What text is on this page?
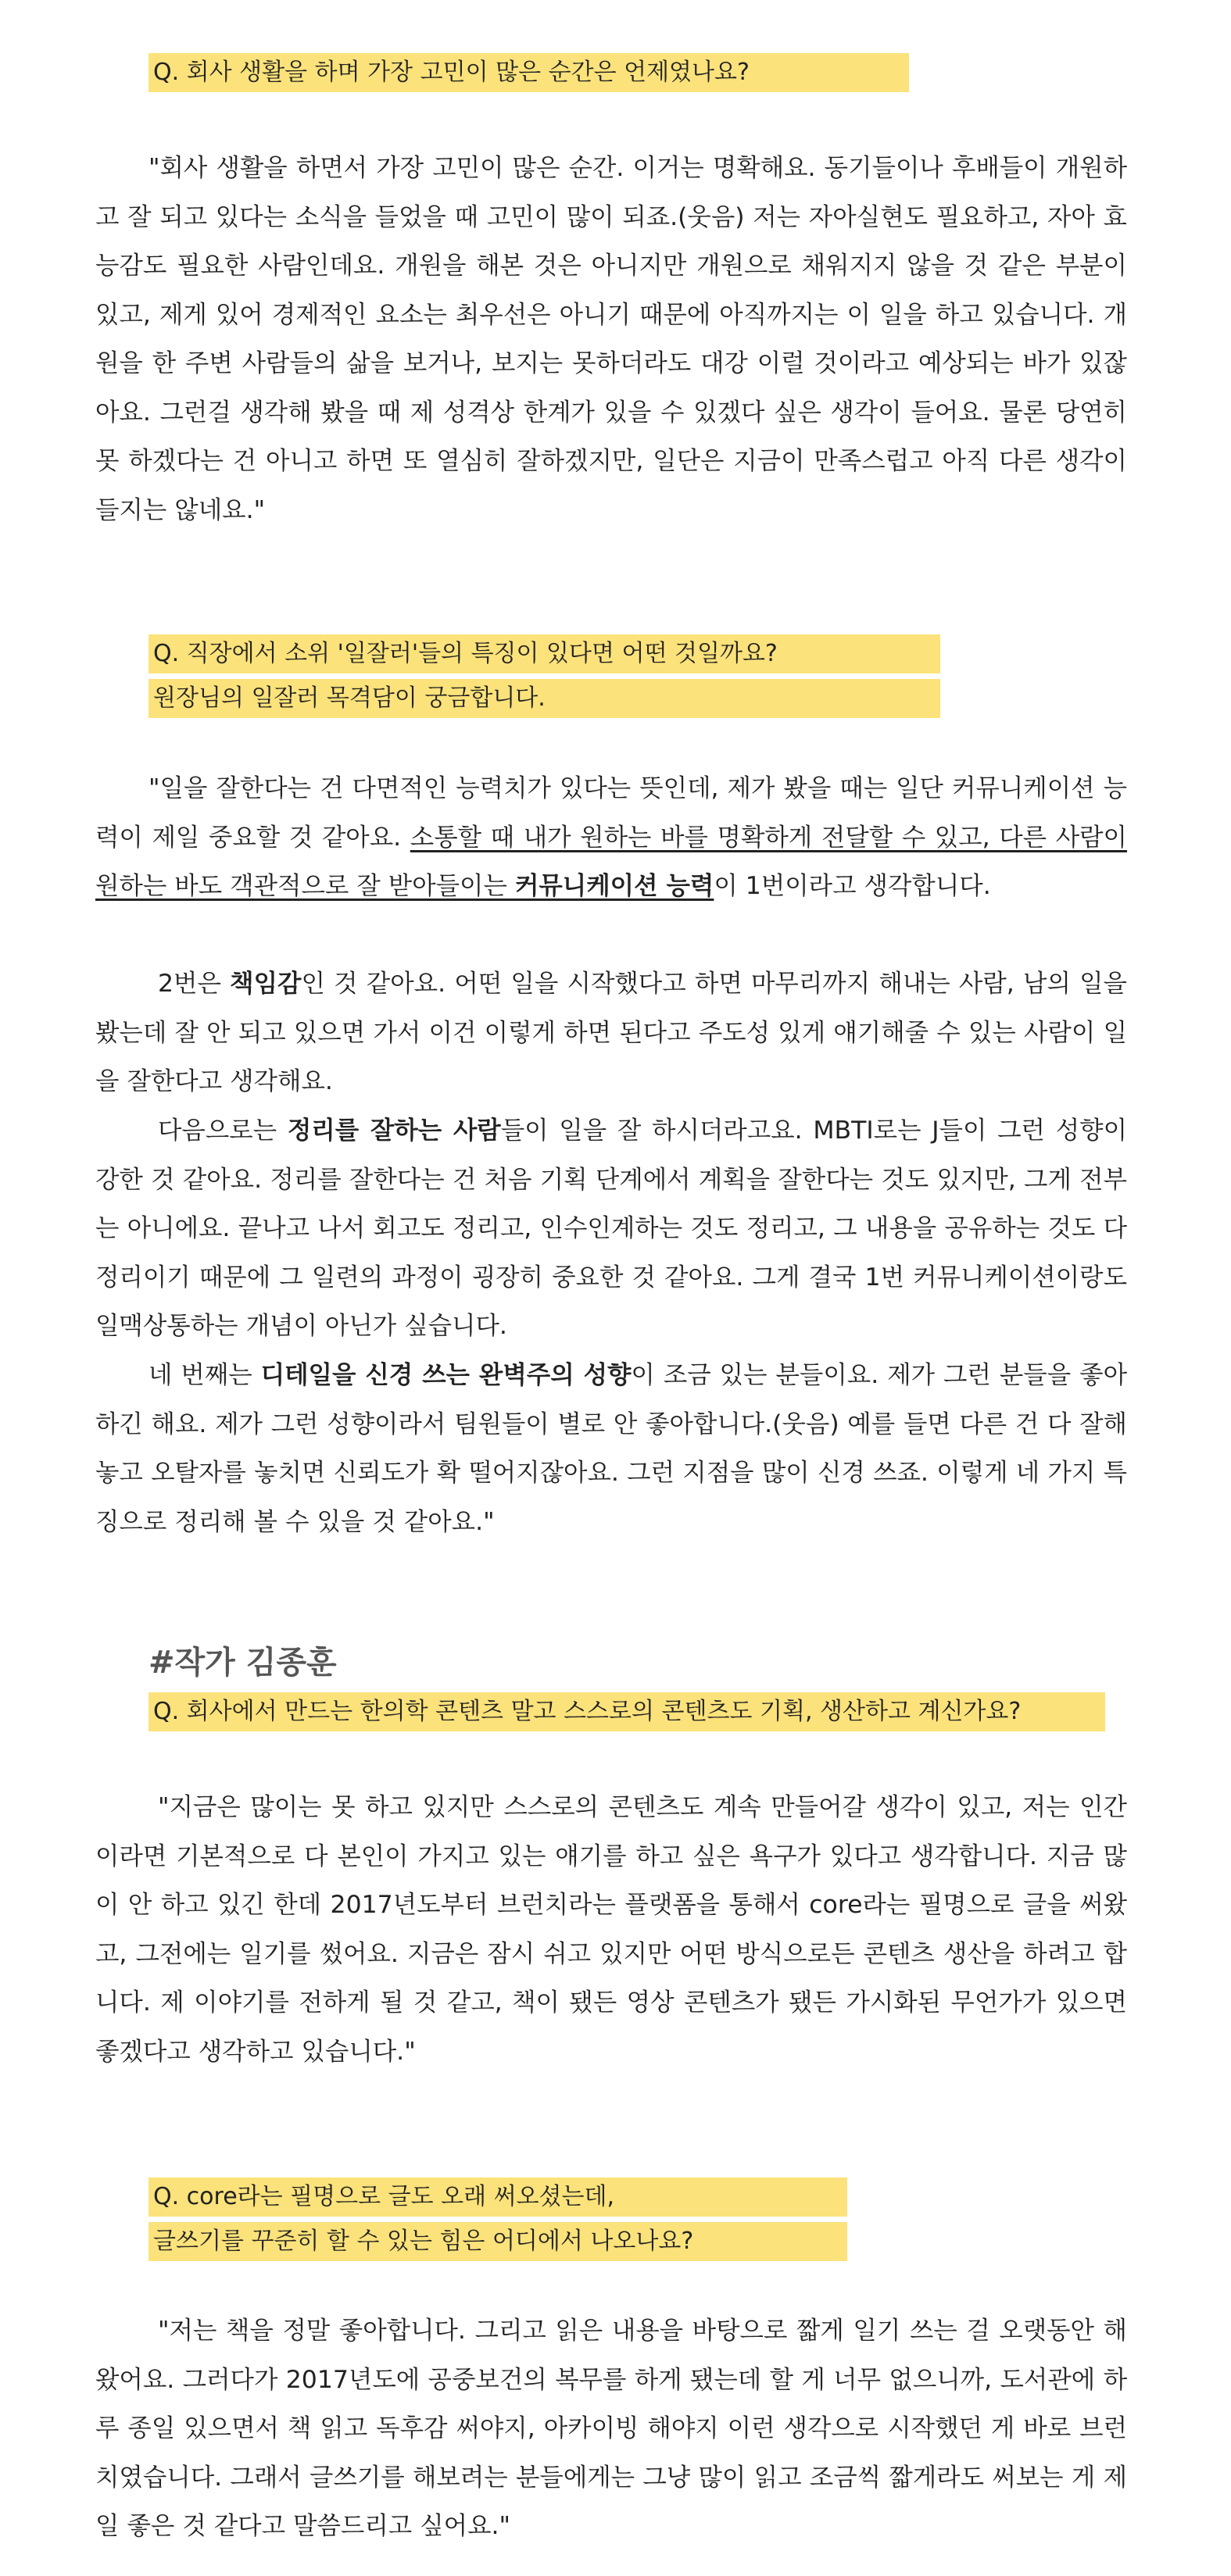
Q. 회사 생활을 하며 가장 고민이 많은 순간은 언제였나요?

"회사 생활을 하면서 가장 고민이 많은 순간. 이거는 명확해요. 동기들이나 후배들이 개원하고 잘 되고 있다는 소식을 들었을 때 고민이 많이 되죠.(웃음) 저는 자아실현도 필요하고, 자아 효능감도 필요한 사람인데요. 개원을 해본 것은 아니지만 개원으로 채워지지 않을 것 같은 부분이 있고, 제게 있어 경제적인 요소는 최우선은 아니기 때문에 아직까지는 이 일을 하고 있습니다. 개원을 한 주변 사람들의 삶을 보거나, 보지는 못하더라도 대강 이럴 것이라고 예상되는 바가 있잖아요. 그런걸 생각해 봤을 때 제 성격상 한계가 있을 수 있겠다 싶은 생각이 들어요. 물론 당연히 못 하겠다는 건 아니고 하면 또 열심히 잘하겠지만, 일단은 지금이 만족스럽고 아직 다른 생각이 들지는 않네요."

Q. 직장에서 소위 '일잘러'들의 특징이 있다면 어떤 것일까요?
원장님의 일잘러 목격담이 궁금합니다.

"일을 잘한다는 건 다면적인 능력치가 있다는 뜻인데, 제가 봤을 때는 일단 커뮤니케이션 능력이 제일 중요할 것 같아요. 소통할 때 내가 원하는 바를 명확하게 전달할 수 있고, 다른 사람이 원하는 바도 객관적으로 잘 받아들이는 커뮤니케이션 능력이 1번이라고 생각합니다.

2번은 책임감인 것 같아요. 어떤 일을 시작했다고 하면 마무리까지 해내는 사람, 남의 일을 봤는데 잘 안 되고 있으면 가서 이건 이렇게 하면 된다고 주도성 있게 얘기해줄 수 있는 사람이 일을 잘한다고 생각해요.

다음으로는 정리를 잘하는 사람들이 일을 잘 하시더라고요. MBTI로는 J들이 그런 성향이 강한 것 같아요. 정리를 잘한다는 건 처음 기획 단계에서 계획을 잘한다는 것도 있지만, 그게 전부는 아니에요. 끝나고 나서 회고도 정리고, 인수인계하는 것도 정리고, 그 내용을 공유하는 것도 다 정리이기 때문에 그 일련의 과정이 굉장히 중요한 것 같아요. 그게 결국 1번 커뮤니케이션이랑도 일맥상통하는 개념이 아닌가 싶습니다.

네 번째는 디테일을 신경 쓰는 완벽주의 성향이 조금 있는 분들이요. 제가 그런 분들을 좋아하긴 해요. 제가 그런 성향이라서 팀원들이 별로 안 좋아합니다.(웃음) 예를 들면 다른 건 다 잘해놓고 오탈자를 놓치면 신뢰도가 확 떨어지잖아요. 그런 지점을 많이 신경 쓰죠. 이렇게 네 가지 특징으로 정리해 볼 수 있을 것 같아요."

#작가 김종훈
Q. 회사에서 만드는 한의학 콘텐츠 말고 스스로의 콘텐츠도 기획, 생산하고 계신가요?

"지금은 많이는 못 하고 있지만 스스로의 콘텐츠도 계속 만들어갈 생각이 있고, 저는 인간이라면 기본적으로 다 본인이 가지고 있는 얘기를 하고 싶은 욕구가 있다고 생각합니다. 지금 많이 안 하고 있긴 한데 2017년도부터 브런치라는 플랫폼을 통해서 core라는 필명으로 글을 써왔고, 그전에는 일기를 썼어요. 지금은 잠시 쉬고 있지만 어떤 방식으로든 콘텐츠 생산을 하려고 합니다. 제 이야기를 전하게 될 것 같고, 책이 됐든 영상 콘텐츠가 됐든 가시화된 무언가가 있으면 좋겠다고 생각하고 있습니다."

Q. core라는 필명으로 글도 오래 써오셨는데,
글쓰기를 꾸준히 할 수 있는 힘은 어디에서 나오나요?

"저는 책을 정말 좋아합니다. 그리고 읽은 내용을 바탕으로 짧게 일기 쓰는 걸 오랫동안 해왔어요. 그러다가 2017년도에 공중보건의 복무를 하게 됐는데 할 게 너무 없으니까, 도서관에 하루 종일 있으면서 책 읽고 독후감 써야지, 아카이빙 해야지 이런 생각으로 시작했던 게 바로 브런치였습니다. 그래서 글쓰기를 해보려는 분들에게는 그냥 많이 읽고 조금씩 짧게라도 써보는 게 제일 좋은 것 같다고 말씀드리고 싶어요."
